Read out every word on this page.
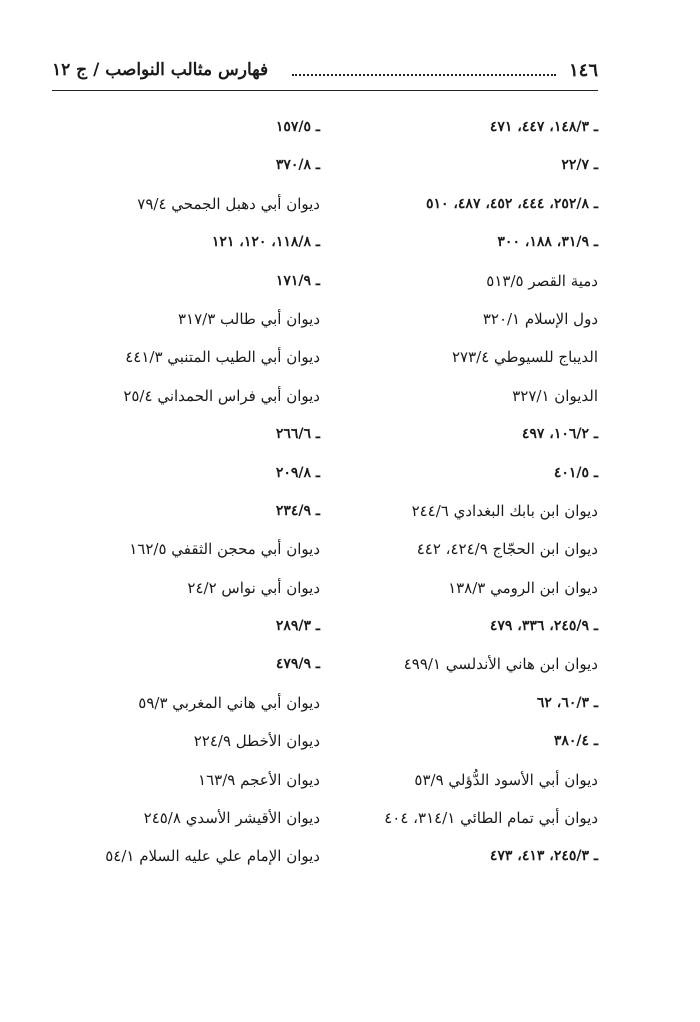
١٤٦
فهارس مثالب النواصب / ج ١٢
ـ ١٤٨/٣، ٤٤٧، ٤٧١
ـ ٢٢/٧
ـ ٢٥٢/٨، ٤٤٤، ٤٥٢، ٤٨٧، ٥١٠
ـ ٣١/٩، ١٨٨، ٣٠٠
دمية القصر ٥١٣/٥
دول الإسلام ٣٢٠/١
الديباج للسيوطي ٢٧٣/٤
الديوان ٣٢٧/١
ـ ١٠٦/٢، ٤٩٧
ـ ٤٠١/٥
ديوان ابن بابك البغدادي ٢٤٤/٦
ديوان ابن الحجّاج ٤٢٤/٩، ٤٤٢
ديوان ابن الرومي ١٣٨/٣
ـ ٢٤٥/٩، ٣٣٦، ٤٧٩
ديوان ابن هاني الأندلسي ٤٩٩/١
ـ ٦٠/٣، ٦٢
ـ ٣٨٠/٤
ديوان أبي الأسود الدُّؤلي ٥٣/٩
ديوان أبي تمام الطائي ٣١٤/١، ٤٠٤
ـ ٢٤٥/٣، ٤١٣، ٤٧٣
ـ ١٥٧/٥
ـ ٣٧٠/٨
ديوان أبي دهبل الجمحي ٧٩/٤
ـ ١١٨/٨، ١٢٠، ١٢١
ـ ١٧١/٩
ديوان أبي طالب ٣١٧/٣
ديوان أبي الطيب المتنبي ٤٤١/٣
ديوان أبي فراس الحمداني ٢٥/٤
ـ ٢٦٦/٦
ـ ٢٠٩/٨
ـ ٢٣٤/٩
ديوان أبي محجن الثقفي ١٦٢/٥
ديوان أبي نواس ٢٤/٢
ـ ٢٨٩/٣
ـ ٤٧٩/٩
ديوان أبي هاني المغربي ٥٩/٣
ديوان الأخطل ٢٢٤/٩
ديوان الأعجم ١٦٣/٩
ديوان الأقيشر الأسدي ٢٤٥/٨
ديوان الإمام علي عليه السلام ٥٤/١
